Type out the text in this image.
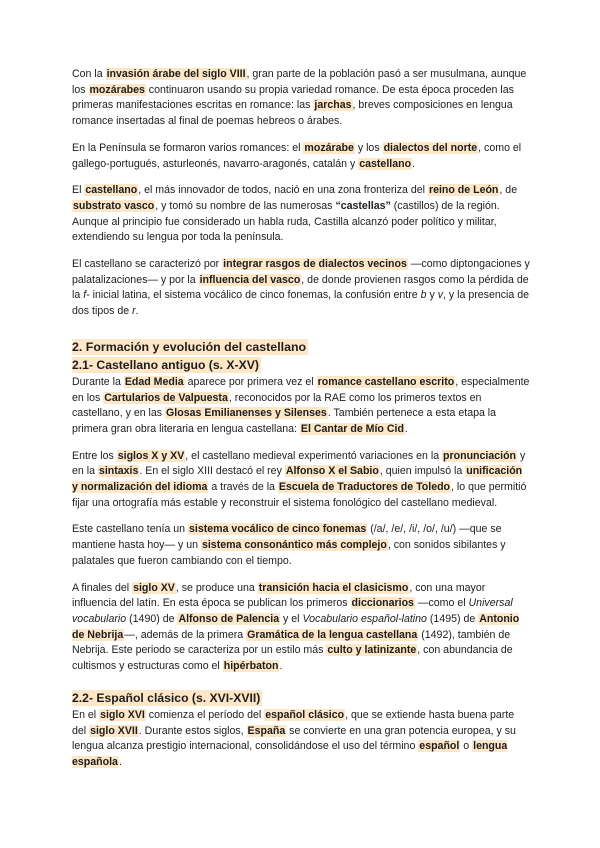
Con la invasión árabe del siglo VIII, gran parte de la población pasó a ser musulmana, aunque los mozárabes continuaron usando su propia variedad romance. De esta época proceden las primeras manifestaciones escritas en romance: las jarchas, breves composiciones en lengua romance insertadas al final de poemas hebreos o árabes.

En la Península se formaron varios romances: el mozárabe y los dialectos del norte, como el gallego-portugués, asturleonés, navarro-aragonés, catalán y castellano.

El castellano, el más innovador de todos, nació en una zona fronteriza del reino de León, de substrato vasco, y tomó su nombre de las numerosas “castellas” (castillos) de la región. Aunque al principio fue considerado un habla ruda, Castilla alcanzó poder político y militar, extendiendo su lengua por toda la península.

El castellano se caracterizó por integrar rasgos de dialectos vecinos —como diptongaciones y palatalizaciones— y por la influencia del vasco, de donde provienen rasgos como la pérdida de la f- inicial latina, el sistema vocálico de cinco fonemas, la confusión entre b y v, y la presencia de dos tipos de r.

2. Formación y evolución del castellano
2.1- Castellano antiguo (s. X-XV)

Durante la Edad Media aparece por primera vez el romance castellano escrito, especialmente en los Cartularios de Valpuesta, reconocidos por la RAE como los primeros textos en castellano, y en las Glosas Emilianenses y Silenses. También pertenece a esta etapa la primera gran obra literaria en lengua castellana: El Cantar de Mío Cid.

Entre los siglos X y XV, el castellano medieval experimentó variaciones en la pronunciación y en la sintaxis. En el siglo XIII destacó el rey Alfonso X el Sabio, quien impulsó la unificación y normalización del idioma a través de la Escuela de Traductores de Toledo, lo que permitió fijar una ortografía más estable y reconstruir el sistema fonológico del castellano medieval.

Este castellano tenía un sistema vocálico de cinco fonemas (/a/, /e/, /i/, /o/, /u/) —que se mantiene hasta hoy— y un sistema consonántico más complejo, con sonidos sibilantes y palatales que fueron cambiando con el tiempo.

A finales del siglo XV, se produce una transición hacia el clasicismo, con una mayor influencia del latín. En esta época se publican los primeros diccionarios —como el Universal vocabulario (1490) de Alfonso de Palencia y el Vocabulario español-latino (1495) de Antonio de Nebrija—, además de la primera Gramática de la lengua castellana (1492), también de Nebrija. Este periodo se caracteriza por un estilo más culto y latinizante, con abundancia de cultismos y estructuras como el hipérbaton.

2.2- Español clásico (s. XVI-XVII)

En el siglo XVI comienza el período del español clásico, que se extiende hasta buena parte del siglo XVII. Durante estos siglos, España se convierte en una gran potencia europea, y su lengua alcanza prestigio internacional, consolidándose el uso del término español o lengua española.
